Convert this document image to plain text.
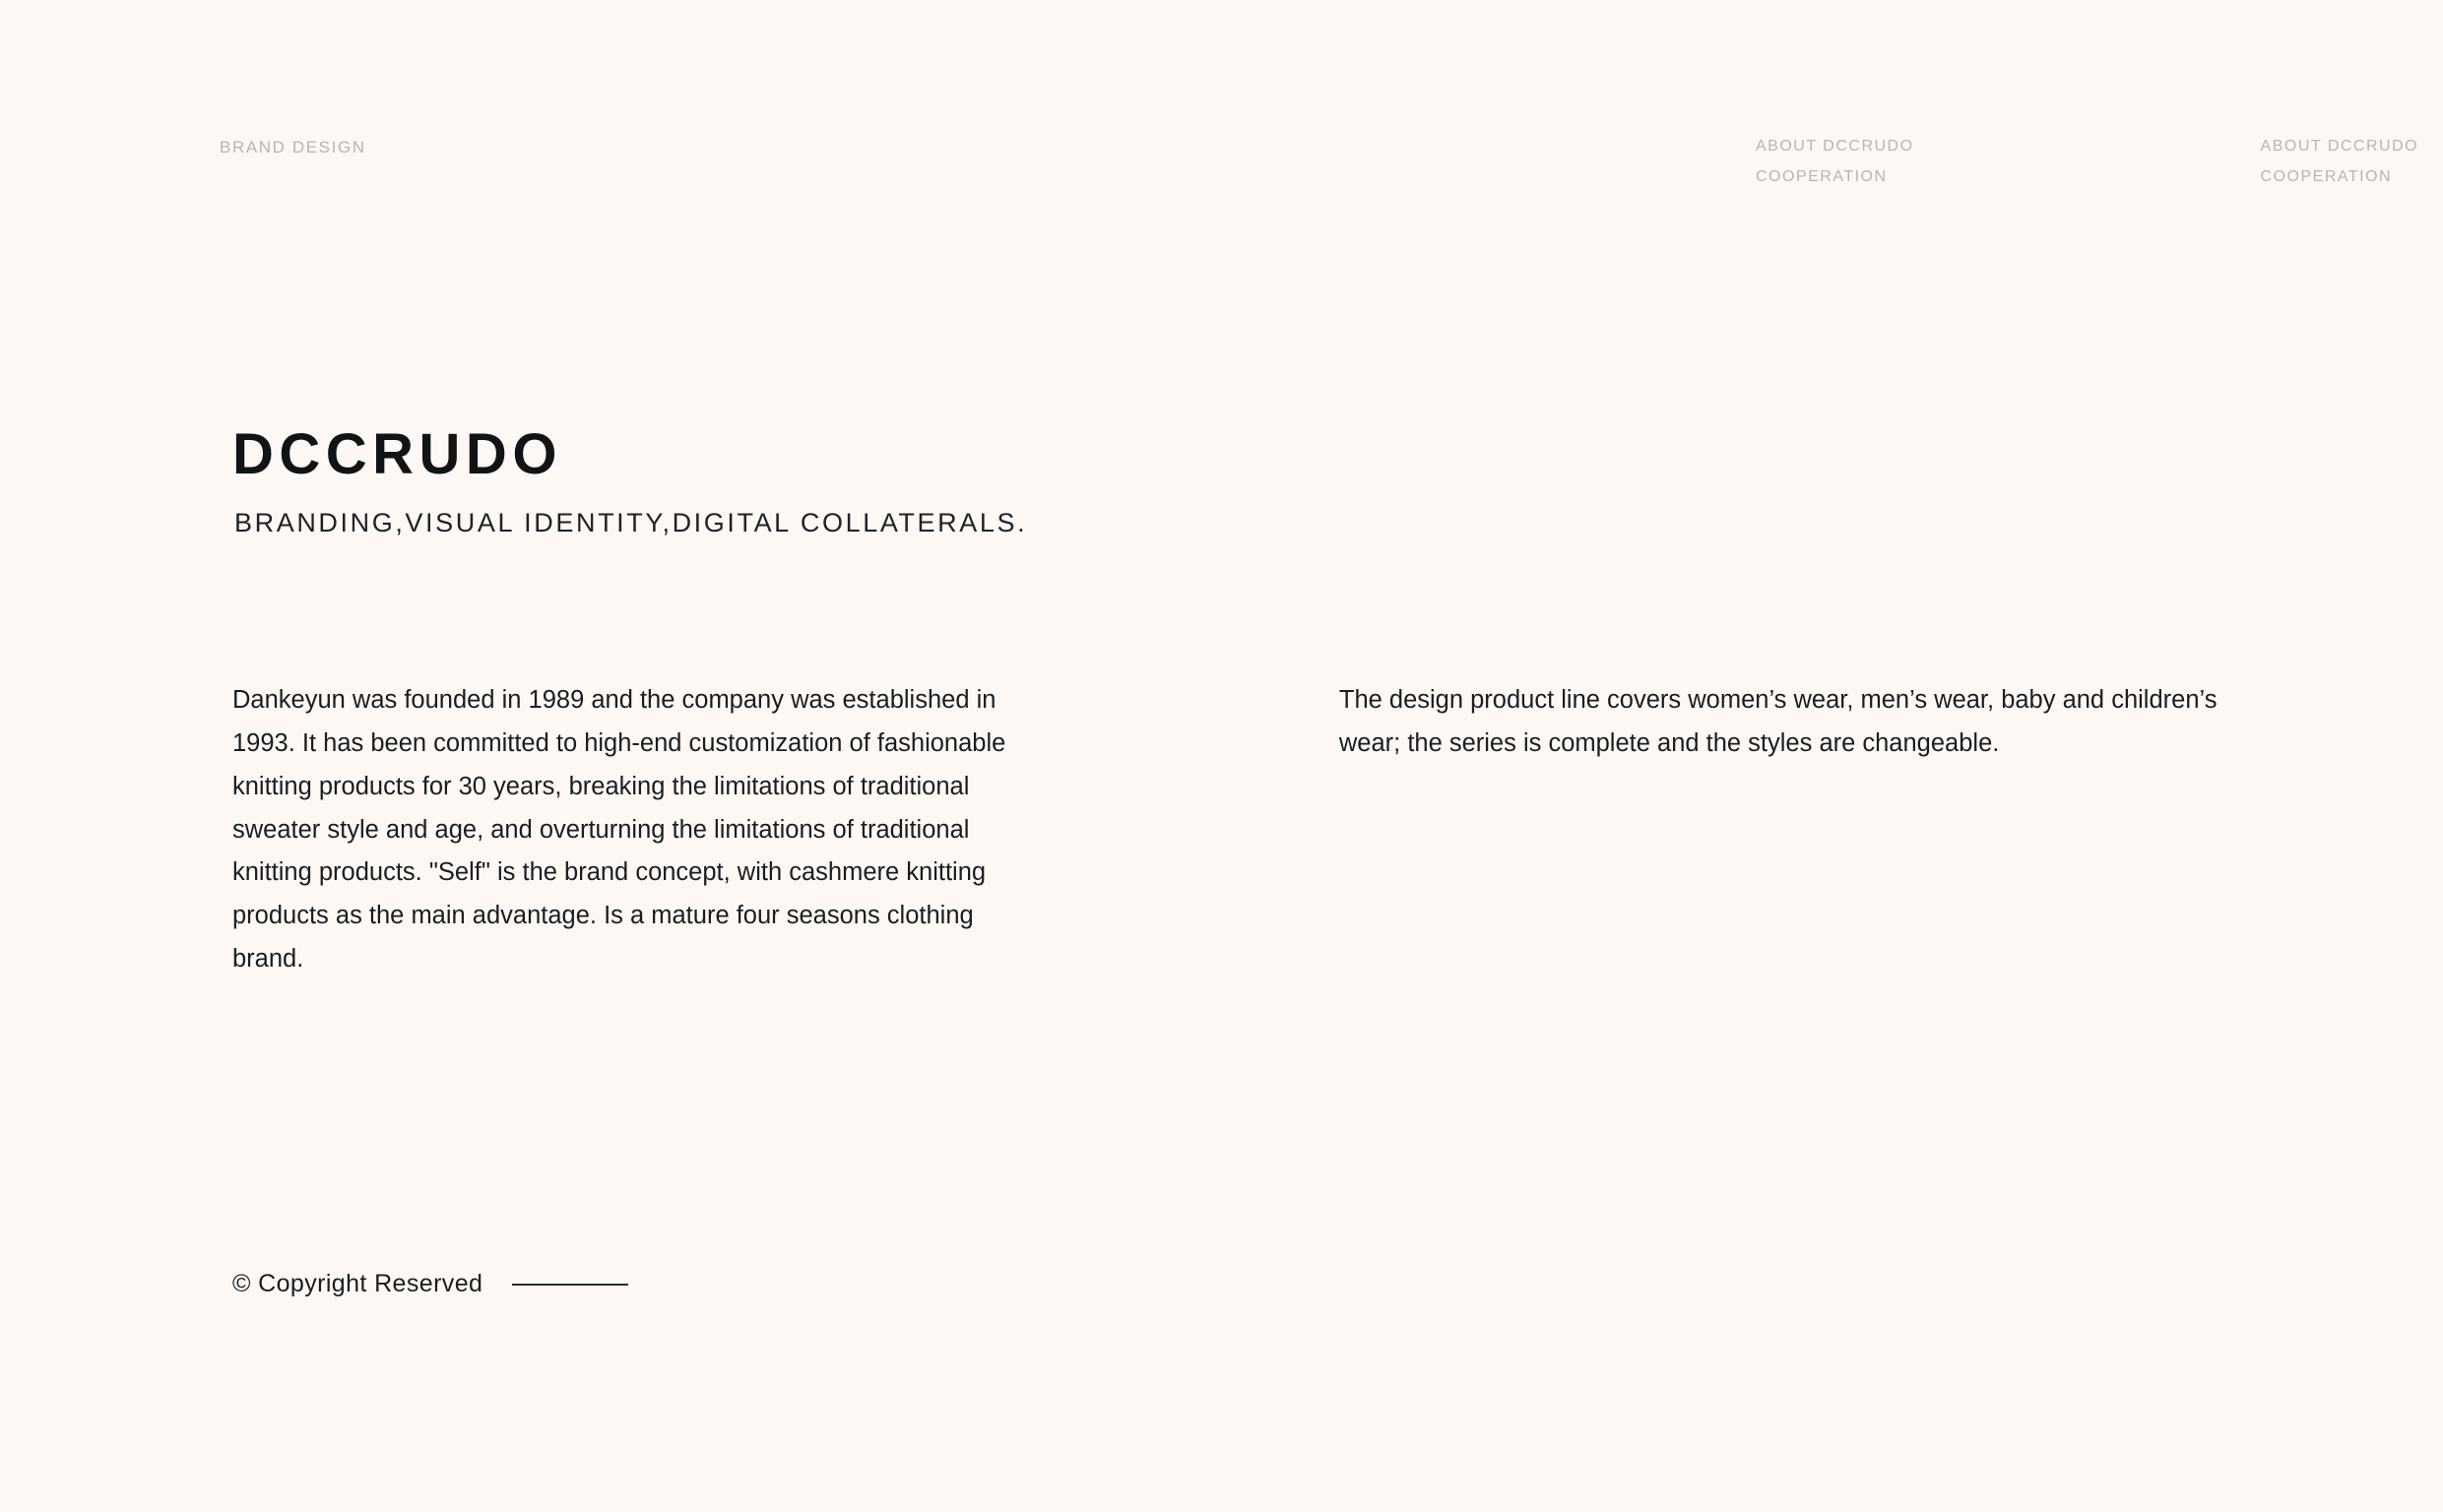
BRAND DESIGN	ABOUT DCCRUDO
COOPERATION
ABOUT DCCRUDO
COOPERATION
DCCRUDO
BRANDING,VISUAL IDENTITY,DIGITAL COLLATERALS.

Dankeyun was founded in 1989 and the company was established in 1993. It has been committed to high-end customization of fashionable knitting products for 30 years, breaking the limitations of traditional sweater style and age, and overturning the limitations of traditional knitting products. "Self" is the brand concept, with cashmere knitting products as the main advantage. Is a mature four seasons clothing brand.

The design product line covers women’s wear, men’s wear, baby and children’s wear; the series is complete and the styles are changeable.

© Copyright Reserved
